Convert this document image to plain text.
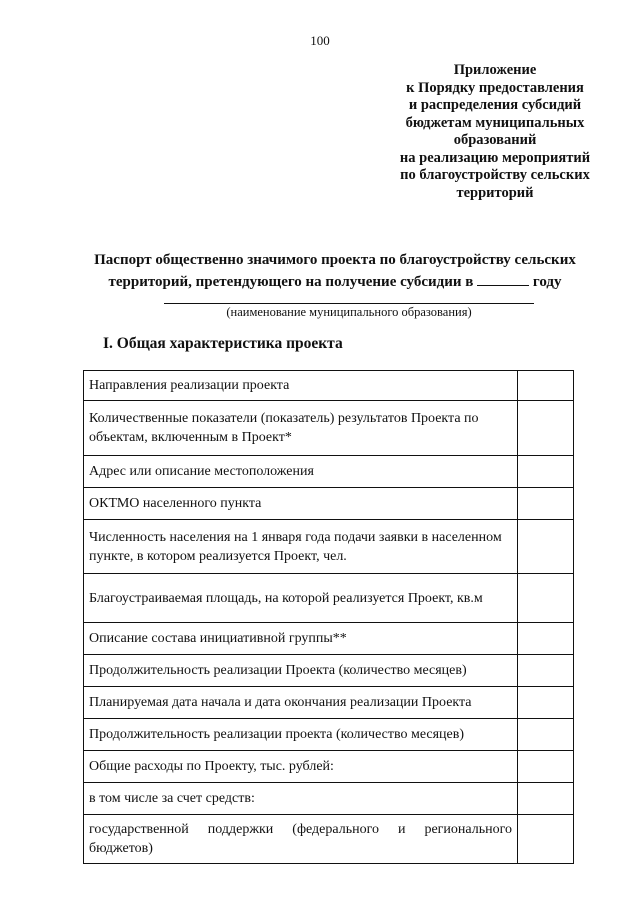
100
Приложение
к Порядку предоставления
и распределения субсидий
бюджетам муниципальных
образований
на реализацию мероприятий
по благоустройству сельских
территорий
Паспорт общественно значимого проекта по благоустройству сельских
территорий, претендующего на получение субсидии в	году
(наименование муниципального образования)
I. Общая характеристика проекта
Направления реализации проекта	
Количественные показатели (показатель) результатов Проекта по объектам, включенным в Проект*	
Адрес или описание местоположения	
ОКТМО населенного пункта	
Численность населения на 1 января года подачи заявки в населенном пункте, в котором реализуется Проект, чел.	
Благоустраиваемая площадь, на которой реализуется Проект, кв.м	
Описание состава инициативной группы**	
Продолжительность реализации Проекта (количество месяцев)	
Планируемая дата начала и дата окончания реализации Проекта	
Продолжительность реализации проекта (количество месяцев)	
Общие расходы по Проекту, тыс. рублей:	
в том числе за счет средств:	
государственной поддержки (федерального и регионального бюджетов)	
